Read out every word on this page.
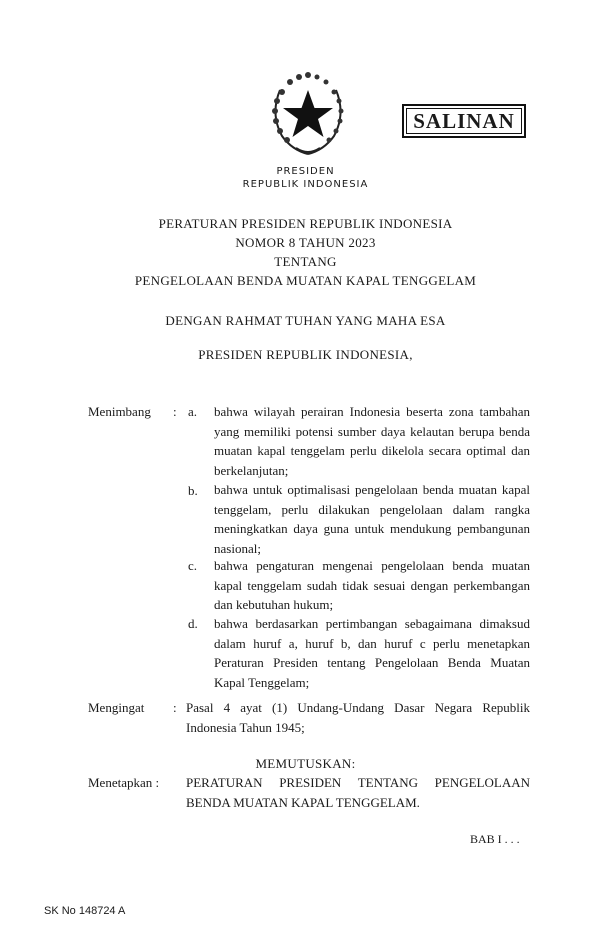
SALINAN
PRESIDEN
REPUBLIK INDONESIA
PERATURAN PRESIDEN REPUBLIK INDONESIA
NOMOR 8 TAHUN 2023
TENTANG
PENGELOLAAN BENDA MUATAN KAPAL TENGGELAM
DENGAN RAHMAT TUHAN YANG MAHA ESA
PRESIDEN REPUBLIK INDONESIA,
Menimbang : a. bahwa wilayah perairan Indonesia beserta zona tambahan yang memiliki potensi sumber daya kelautan berupa benda muatan kapal tenggelam perlu dikelola secara optimal dan berkelanjutan;
b. bahwa untuk optimalisasi pengelolaan benda muatan kapal tenggelam, perlu dilakukan pengelolaan dalam rangka meningkatkan daya guna untuk mendukung pembangunan nasional;
c. bahwa pengaturan mengenai pengelolaan benda muatan kapal tenggelam sudah tidak sesuai dengan perkembangan dan kebutuhan hukum;
d. bahwa berdasarkan pertimbangan sebagaimana dimaksud dalam huruf a, huruf b, dan huruf c perlu menetapkan Peraturan Presiden tentang Pengelolaan Benda Muatan Kapal Tenggelam;
Mengingat : Pasal 4 ayat (1) Undang-Undang Dasar Negara Republik Indonesia Tahun 1945;
MEMUTUSKAN:
Menetapkan : PERATURAN PRESIDEN TENTANG PENGELOLAAN BENDA MUATAN KAPAL TENGGELAM.
BAB I . . .
SK No 148724 A
